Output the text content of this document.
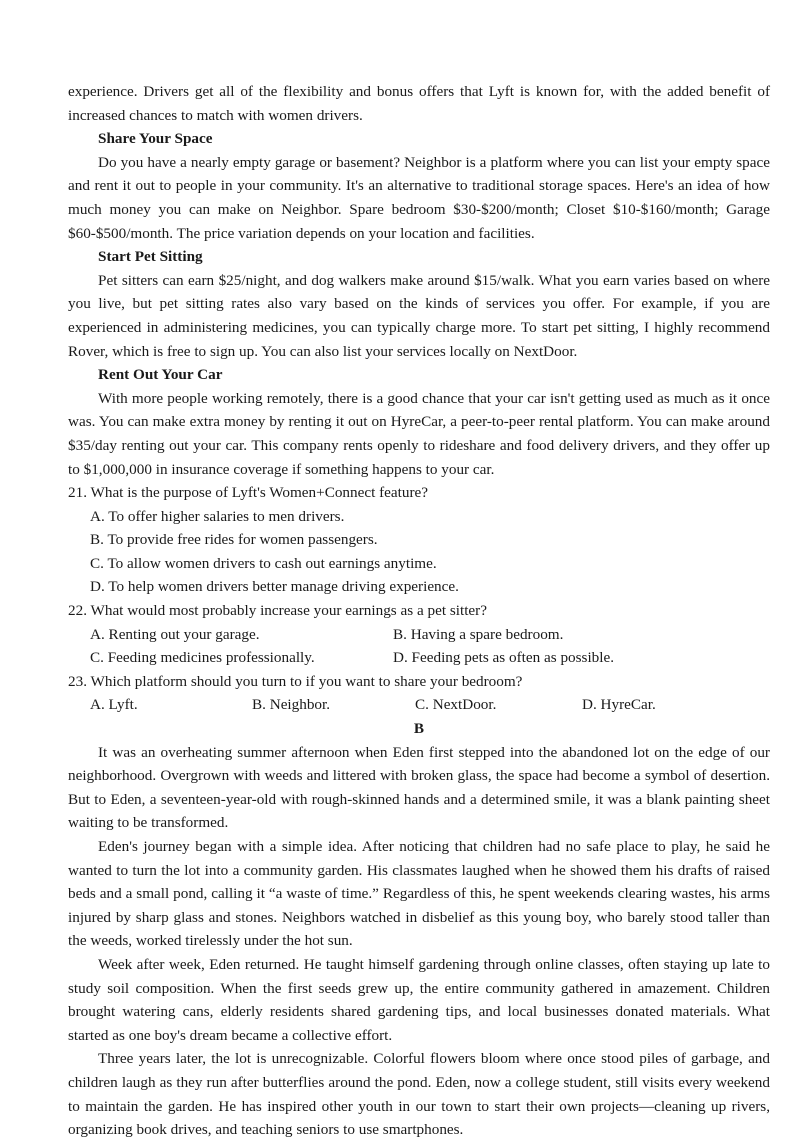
experience. Drivers get all of the flexibility and bonus offers that Lyft is known for, with the added benefit of increased chances to match with women drivers.

Share Your Space

Do you have a nearly empty garage or basement? Neighbor is a platform where you can list your empty space and rent it out to people in your community. It's an alternative to traditional storage spaces. Here's an idea of how much money you can make on Neighbor. Spare bedroom $30-$200/month; Closet $10-$160/month; Garage $60-$500/month. The price variation depends on your location and facilities.

Start Pet Sitting

Pet sitters can earn $25/night, and dog walkers make around $15/walk. What you earn varies based on where you live, but pet sitting rates also vary based on the kinds of services you offer. For example, if you are experienced in administering medicines, you can typically charge more. To start pet sitting, I highly recommend Rover, which is free to sign up. You can also list your services locally on NextDoor.

Rent Out Your Car

With more people working remotely, there is a good chance that your car isn't getting used as much as it once was. You can make extra money by renting it out on HyreCar, a peer-to-peer rental platform. You can make around $35/day renting out your car. This company rents openly to rideshare and food delivery drivers, and they offer up to $1,000,000 in insurance coverage if something happens to your car.

21. What is the purpose of Lyft's Women+Connect feature?

A. To offer higher salaries to men drivers.

B. To provide free rides for women passengers.

C. To allow women drivers to cash out earnings anytime.

D. To help women drivers better manage driving experience.

22. What would most probably increase your earnings as a pet sitter?

A. Renting out your garage.	B. Having a spare bedroom.
C. Feeding medicines professionally.	D. Feeding pets as often as possible.

23. Which platform should you turn to if you want to share your bedroom?

A. Lyft.	B. Neighbor.	C. NextDoor.	D. HyreCar.

B

It was an overheating summer afternoon when Eden first stepped into the abandoned lot on the edge of our neighborhood. Overgrown with weeds and littered with broken glass, the space had become a symbol of desertion. But to Eden, a seventeen-year-old with rough-skinned hands and a determined smile, it was a blank painting sheet waiting to be transformed.

Eden's journey began with a simple idea. After noticing that children had no safe place to play, he said he wanted to turn the lot into a community garden. His classmates laughed when he showed them his drafts of raised beds and a small pond, calling it “a waste of time.” Regardless of this, he spent weekends clearing wastes, his arms injured by sharp glass and stones. Neighbors watched in disbelief as this young boy, who barely stood taller than the weeds, worked tirelessly under the hot sun.

Week after week, Eden returned. He taught himself gardening through online classes, often staying up late to study soil composition. When the first seeds grew up, the entire community gathered in amazement. Children brought watering cans, elderly residents shared gardening tips, and local businesses donated materials. What started as one boy's dream became a collective effort.

Three years later, the lot is unrecognizable. Colorful flowers bloom where once stood piles of garbage, and children laugh as they run after butterflies around the pond. Eden, now a college student, still visits every weekend to maintain the garden. He has inspired other youth in our town to start their own projects—cleaning up rivers, organizing book drives, and teaching seniors to use smartphones.
